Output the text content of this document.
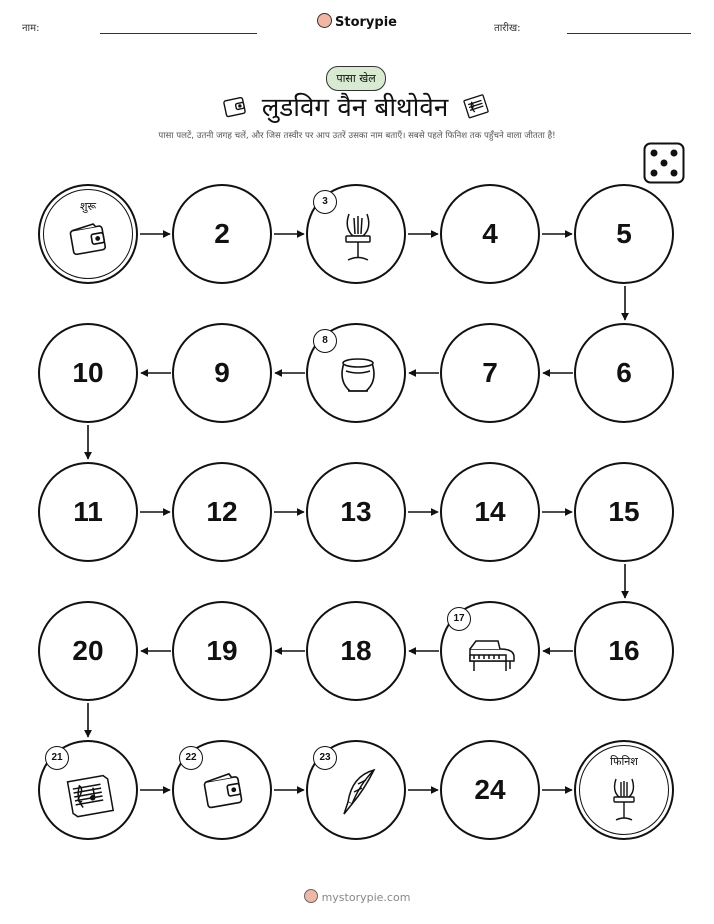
नाम:	Storypie	तारीख:
पासा खेल
लुडविग वैन बीथोवेन
पासा पलटें, उतनी जगह चलें, और जिस तस्वीर पर आप उतरें उसका नाम बताएँ। सबसे पहले फिनिश तक पहुँचने वाला जीतता है!
शुरू
2
3
4	5
10	9
8
7	6
11	12	13	14	15
20	19	18
17
16
21	22	23
24
फिनिश
mystorypie.com
